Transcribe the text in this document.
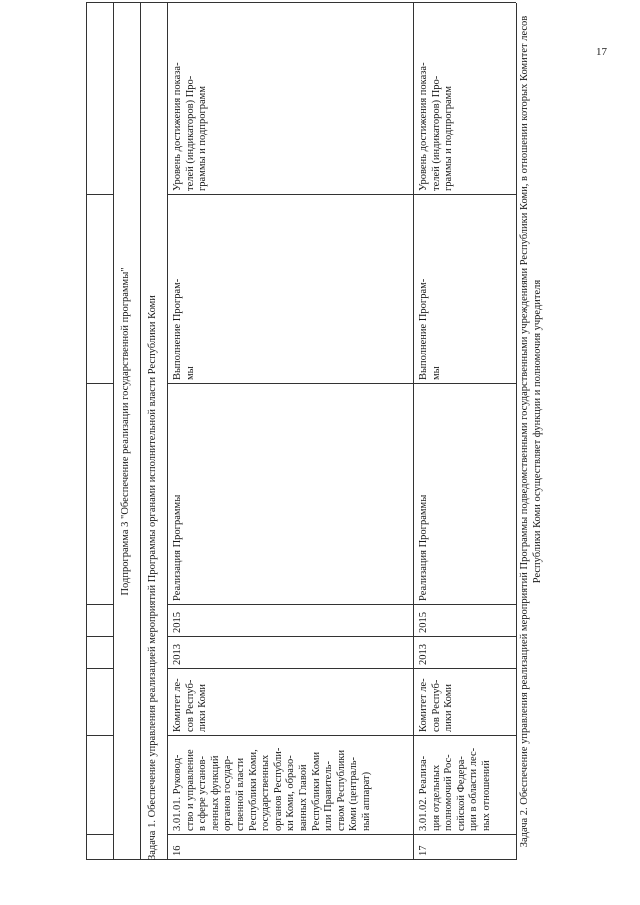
17
Подпрограмма 3 "Обеспечение реализации государственной программы" Задача 1. Обеспечение управления реализацией мероприятий Программы органами исполнительной власти Республики Коми 16
3.01.01. Руковод-
ство и управление
в сфере установ-
ленных функций
органов государ-
ственной власти
Республики Коми,
государственных
органов Республи-
ки Коми, образо-
ванных Главой
Республики Коми
или Правитель-
ством Республики
Коми (централь-
ный аппарат)
Комитет ле-
сов Респуб-
лики Коми
2013
2015
Реализация Программы
Выполнение Програм-
мы
Уровень достижения показа-
телей (индикаторов) Про-
граммы и подпрограмм
17
3.01.02. Реализа-
ция отдельных
полномочий Рос-
сийской Федера-
ции в области лес-
ных отношений
Комитет ле-
сов Респуб-
лики Коми
2013
2015
Реализация Программы
Выполнение Програм-
мы
Уровень достижения показа-
телей (индикаторов) Про-
граммы и подпрограмм	Задача 2. Обеспечение управления реализацией мероприятий Программы подведомственными государственными учреждениями Республики Коми, в отношении которых Комитет лесов Республики Коми осуществляет функции и полномочия учредителя
